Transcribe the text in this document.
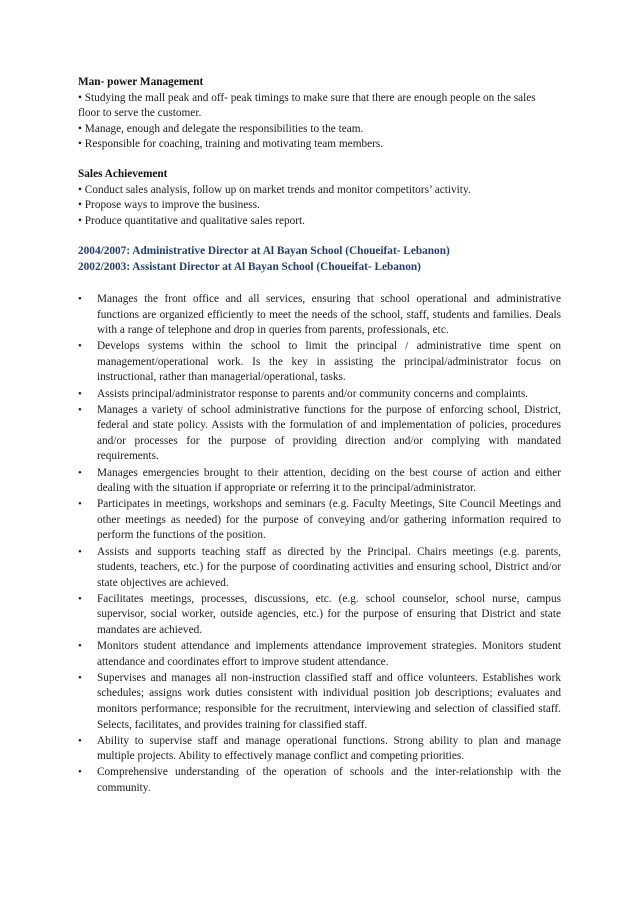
Man- power Management
• Studying the mall peak and off- peak timings to make sure that there are enough people on the sales
floor to serve the customer.
• Manage, enough and delegate the responsibilities to the team.
• Responsible for coaching, training and motivating team members.
Sales Achievement
• Conduct sales analysis, follow up on market trends and monitor competitors’ activity.
• Propose ways to improve the business.
• Produce quantitative and qualitative sales report.
2004/2007: Administrative Director at Al Bayan School (Choueifat- Lebanon)
2002/2003: Assistant Director at Al Bayan School (Choueifat- Lebanon)
• Manages the front office and all services, ensuring that school operational and administrative functions are organized efficiently to meet the needs of the school, staff, students and families. Deals with a range of telephone and drop in queries from parents, professionals, etc.
• Develops systems within the school to limit the principal / administrative time spent on management/operational work. Is the key in assisting the principal/administrator focus on instructional, rather than managerial/operational, tasks.
• Assists principal/administrator response to parents and/or community concerns and complaints.
• Manages a variety of school administrative functions for the purpose of enforcing school, District, federal and state policy. Assists with the formulation of and implementation of policies, procedures and/or processes for the purpose of providing direction and/or complying with mandated requirements.
• Manages emergencies brought to their attention, deciding on the best course of action and either dealing with the situation if appropriate or referring it to the principal/administrator.
• Participates in meetings, workshops and seminars (e.g. Faculty Meetings, Site Council Meetings and other meetings as needed) for the purpose of conveying and/or gathering information required to perform the functions of the position.
• Assists and supports teaching staff as directed by the Principal. Chairs meetings (e.g. parents, students, teachers, etc.) for the purpose of coordinating activities and ensuring school, District and/or state objectives are achieved.
• Facilitates meetings, processes, discussions, etc. (e.g. school counselor, school nurse, campus supervisor, social worker, outside agencies, etc.) for the purpose of ensuring that District and state mandates are achieved.
• Monitors student attendance and implements attendance improvement strategies. Monitors student attendance and coordinates effort to improve student attendance.
• Supervises and manages all non-instruction classified staff and office volunteers. Establishes work schedules; assigns work duties consistent with individual position job descriptions; evaluates and monitors performance; responsible for the recruitment, interviewing and selection of classified staff. Selects, facilitates, and provides training for classified staff.
• Ability to supervise staff and manage operational functions. Strong ability to plan and manage multiple projects. Ability to effectively manage conflict and competing priorities.
• Comprehensive understanding of the operation of schools and the inter-relationship with the community.
